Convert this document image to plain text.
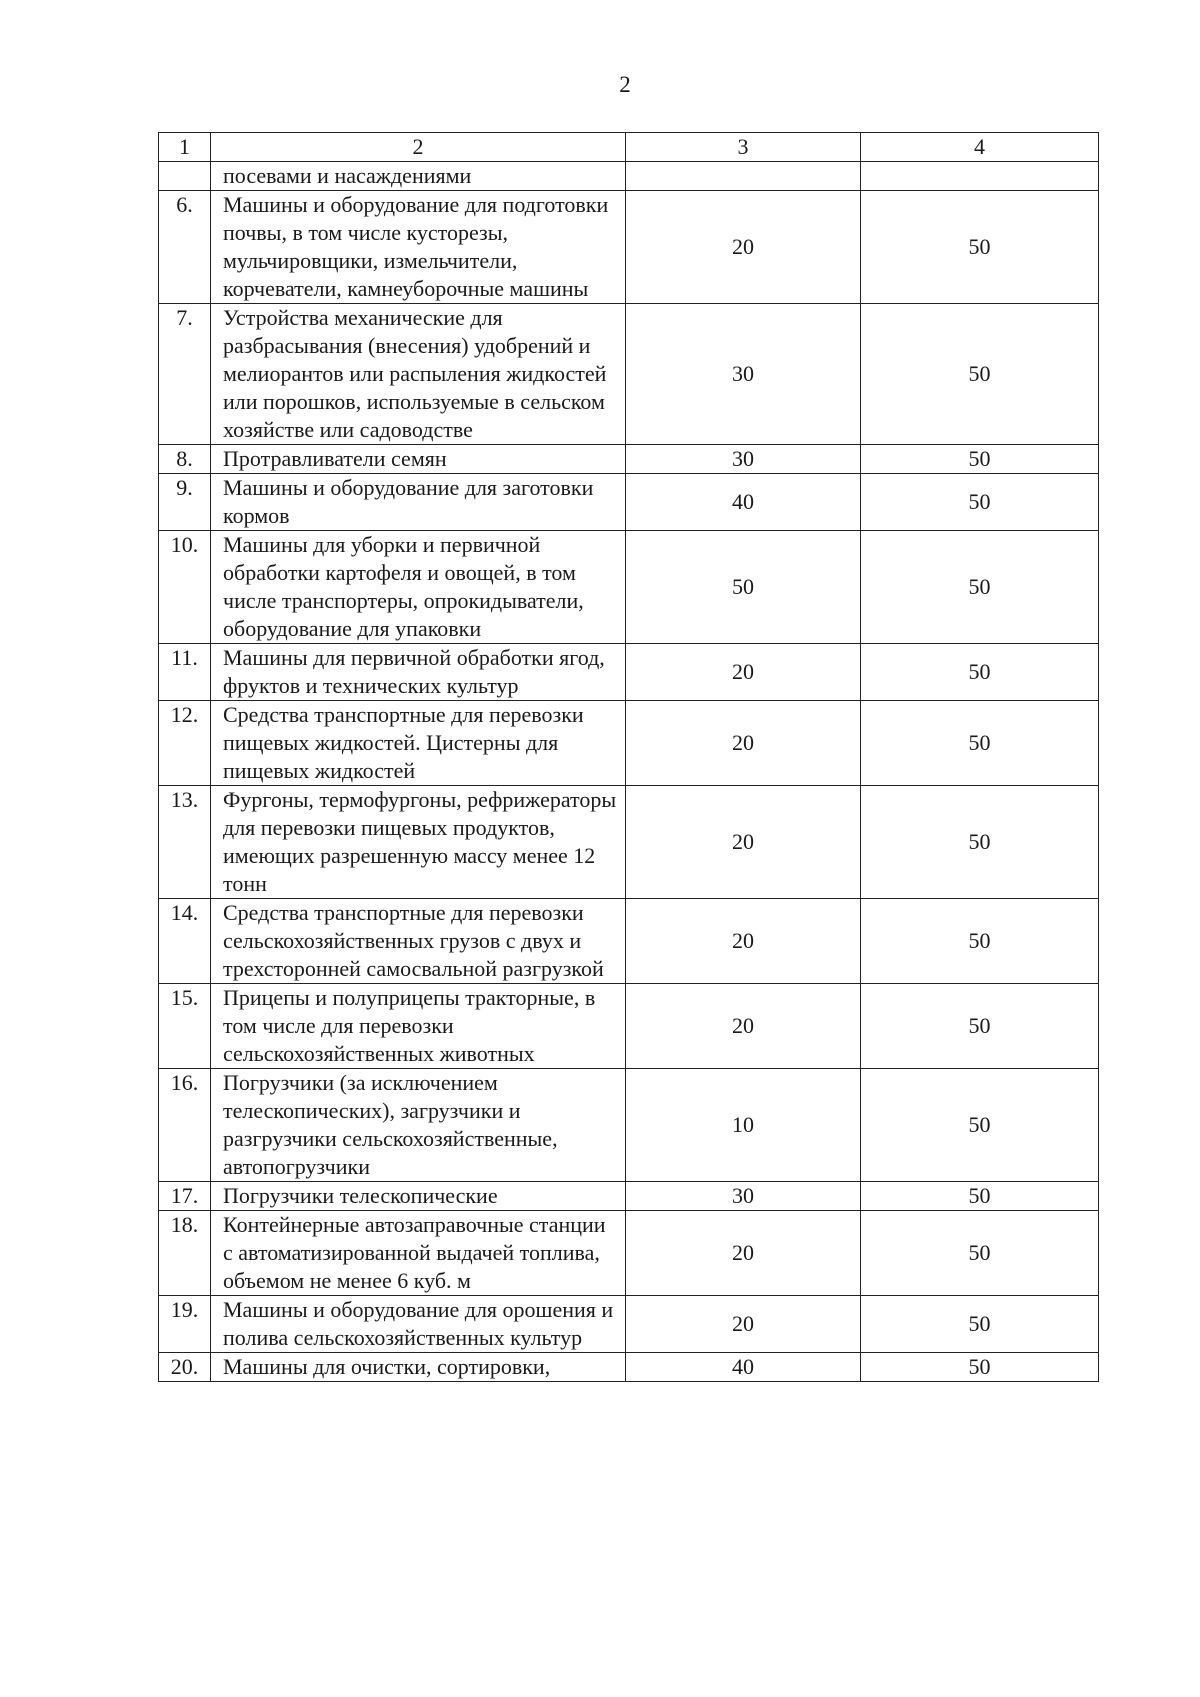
2
1	2	3	4
	посевами и насаждениями		
6.	Машины и оборудование для подготовки почвы, в том числе кусторезы, мульчировщики, измельчители, корчеватели, камнеуборочные машины	20	50
7.	Устройства механические для разбрасывания (внесения) удобрений и мелиорантов или распыления жидкостей или порошков, используемые в сельском хозяйстве или садоводстве	30	50
8.	Протравливатели семян	30	50
9.	Машины и оборудование для заготовки кормов	40	50
10.	Машины для уборки и первичной обработки картофеля и овощей, в том числе транспортеры, опрокидыватели, оборудование для упаковки	50	50
11.	Машины для первичной обработки ягод, фруктов и технических культур	20	50
12.	Средства транспортные для перевозки пищевых жидкостей. Цистерны для пищевых жидкостей	20	50
13.	Фургоны, термофургоны, рефрижераторы для перевозки пищевых продуктов, имеющих разрешенную массу менее 12 тонн	20	50
14.	Средства транспортные для перевозки сельскохозяйственных грузов с двух и трехсторонней самосвальной разгрузкой	20	50
15.	Прицепы и полуприцепы тракторные, в том числе для перевозки сельскохозяйственных животных	20	50
16.	Погрузчики (за исключением телескопических), загрузчики и разгрузчики сельскохозяйственные, автопогрузчики	10	50
17.	Погрузчики телескопические	30	50
18.	Контейнерные автозаправочные станции с автоматизированной выдачей топлива, объемом не менее 6 куб. м	20	50
19.	Машины и оборудование для орошения и полива сельскохозяйственных культур	20	50
20.	Машины для очистки, сортировки,	40	50
